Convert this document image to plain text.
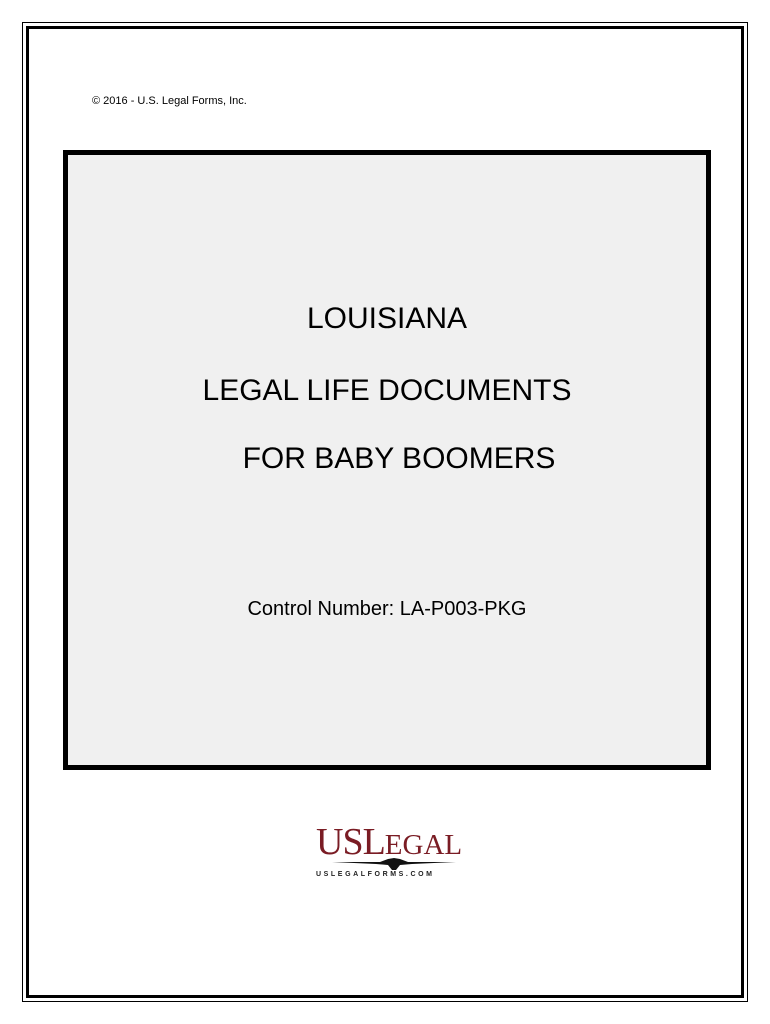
© 2016 - U.S. Legal Forms, Inc.
LOUISIANA
LEGAL LIFE DOCUMENTS
FOR BABY BOOMERS
Control Number: LA-P003-PKG
USLEGAL
USLEGALFORMS.COM
